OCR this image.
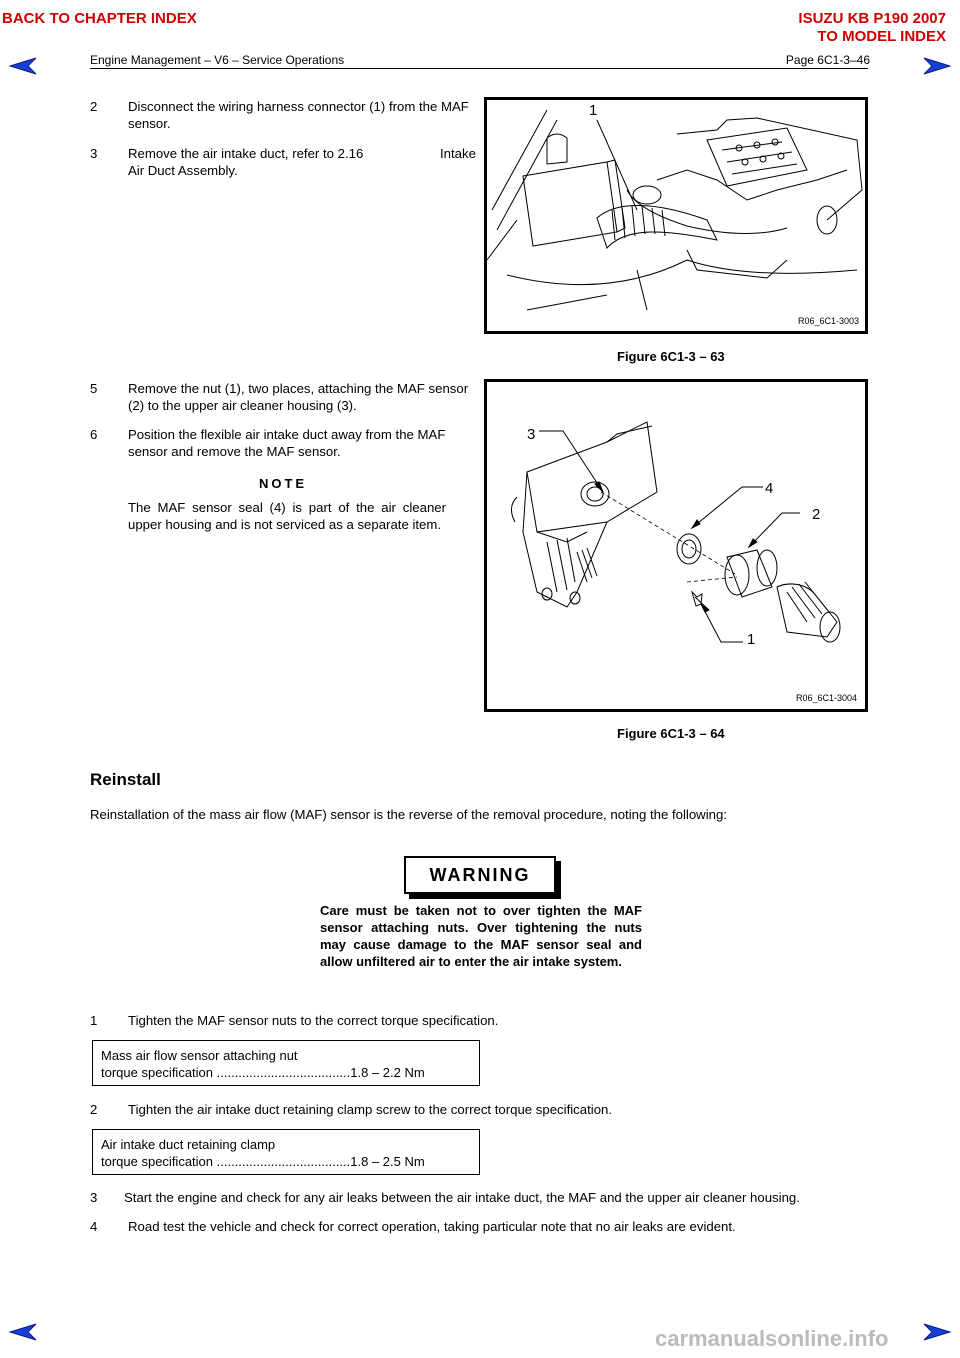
BACK TO CHAPTER INDEX	ISUZU KB P190 2007
TO MODEL INDEX
Engine Management – V6 – Service Operations	Page 6C1-3–46
2 Disconnect the wiring harness connector (1) from the MAF sensor.
3 Remove the air intake duct, refer to 2.16	Intake
Air Duct Assembly.
1
R06_6C1-3003
Figure 6C1-3 – 63
5 Remove the nut (1), two places, attaching the MAF sensor (2) to the upper air cleaner housing (3).
6 Position the flexible air intake duct away from the MAF sensor and remove the MAF sensor.
NOTE
The MAF sensor seal (4) is part of the air cleaner upper housing and is not serviced as a separate item.
3
4
2
1
R06_6C1-3004
Figure 6C1-3 – 64
Reinstall
Reinstallation of the mass air flow (MAF) sensor is the reverse of the removal procedure, noting the following:
WARNING
Care must be taken not to over tighten the MAF sensor attaching nuts. Over tightening the nuts may cause damage to the MAF sensor seal and allow unfiltered air to enter the air intake system.
1 Tighten the MAF sensor nuts to the correct torque specification.
Mass air flow sensor attaching nut
torque specification .....................................1.8 – 2.2 Nm
2 Tighten the air intake duct retaining clamp screw to the correct torque specification.
Air intake duct retaining clamp
torque specification .....................................1.8 – 2.5 Nm
3 Start the engine and check for any air leaks between the air intake duct, the MAF and the upper air cleaner housing.
4 Road test the vehicle and check for correct operation, taking particular note that no air leaks are evident.
carmanualsonline.info
